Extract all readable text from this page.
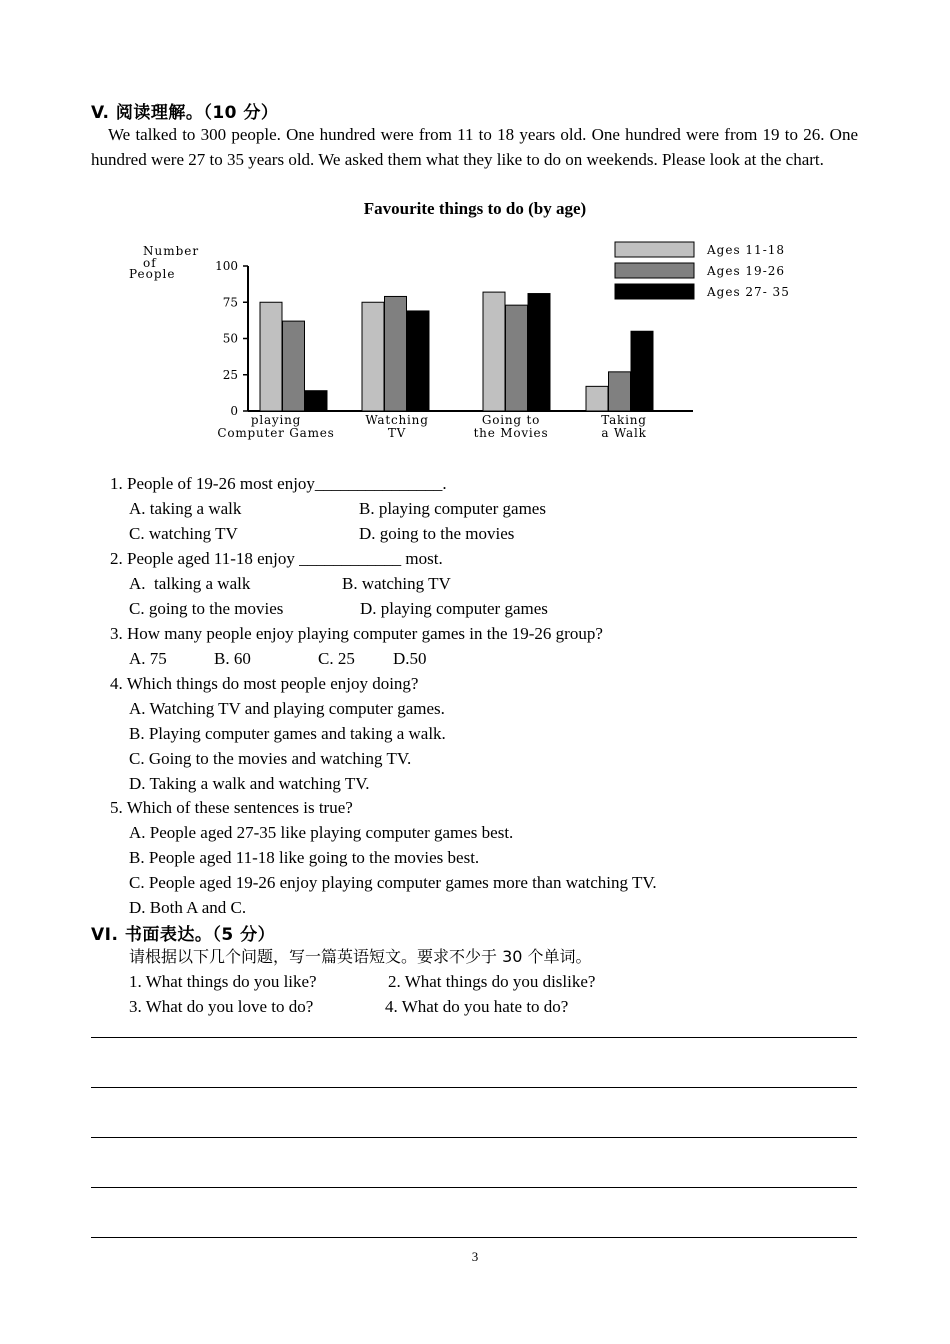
V. 阅读理解。（10 分）
We talked to 300 people. One hundred were from 11 to 18 years old. One hundred were from 19 to 26. One hundred were 27 to 35 years old. We asked them what they like to do on weekends. Please look at the chart.
Favourite things to do (by age)
Number
of
People
0
25
50
75
100
playing
Computer Games
Watching
TV
Going to
the Movies
Taking
a Walk
Ages 11-18
Ages 19-26
Ages 27- 35
1. People of 19-26 most enjoy_______________.
A. taking a walk	B. playing computer games
C. watching TV	D. going to the movies
2. People aged 11-18 enjoy ____________ most.
A.  talking a walk	B. watching TV
C. going to the movies	D. playing computer games
3. How many people enjoy playing computer games in the 19-26 group?
A. 75	B. 60	C. 25 D.50
4. Which things do most people enjoy doing?
A. Watching TV and playing computer games.
B. Playing computer games and taking a walk.
C. Going to the movies and watching TV.
D. Taking a walk and watching TV.
5. Which of these sentences is true?
A. People aged 27-35 like playing computer games best.
B. People aged 11-18 like going to the movies best.
C. People aged 19-26 enjoy playing computer games more than watching TV.
D. Both A and C.
VI. 书面表达。（5 分）
请根据以下几个问题，写一篇英语短文。要求不少于 30 个单词。
1. What things do you like?	2. What things do you dislike?
3. What do you love to do?	4. What do you hate to do?
3
